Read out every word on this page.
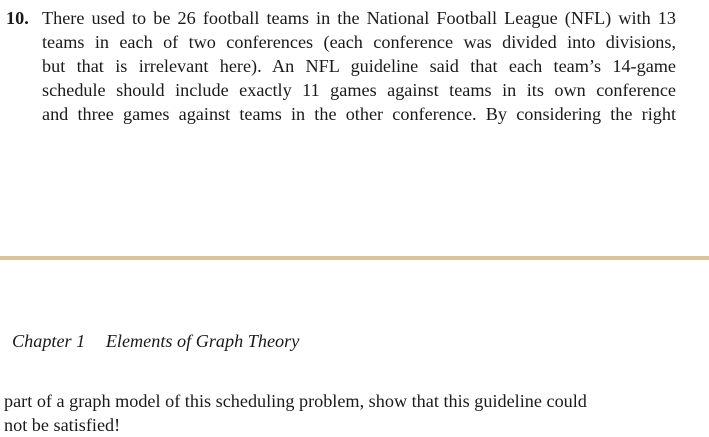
10. There used to be 26 football teams in the National Football League (NFL) with 13
teams in each of two conferences (each conference was divided into divisions,
but that is irrelevant here). An NFL guideline said that each team’s 14-game
schedule should include exactly 11 games against teams in its own conference
and three games against teams in the other conference. By considering the right
Chapter 1 Elements of Graph Theory
part of a graph model of this scheduling problem, show that this guideline could
not be satisfied!
